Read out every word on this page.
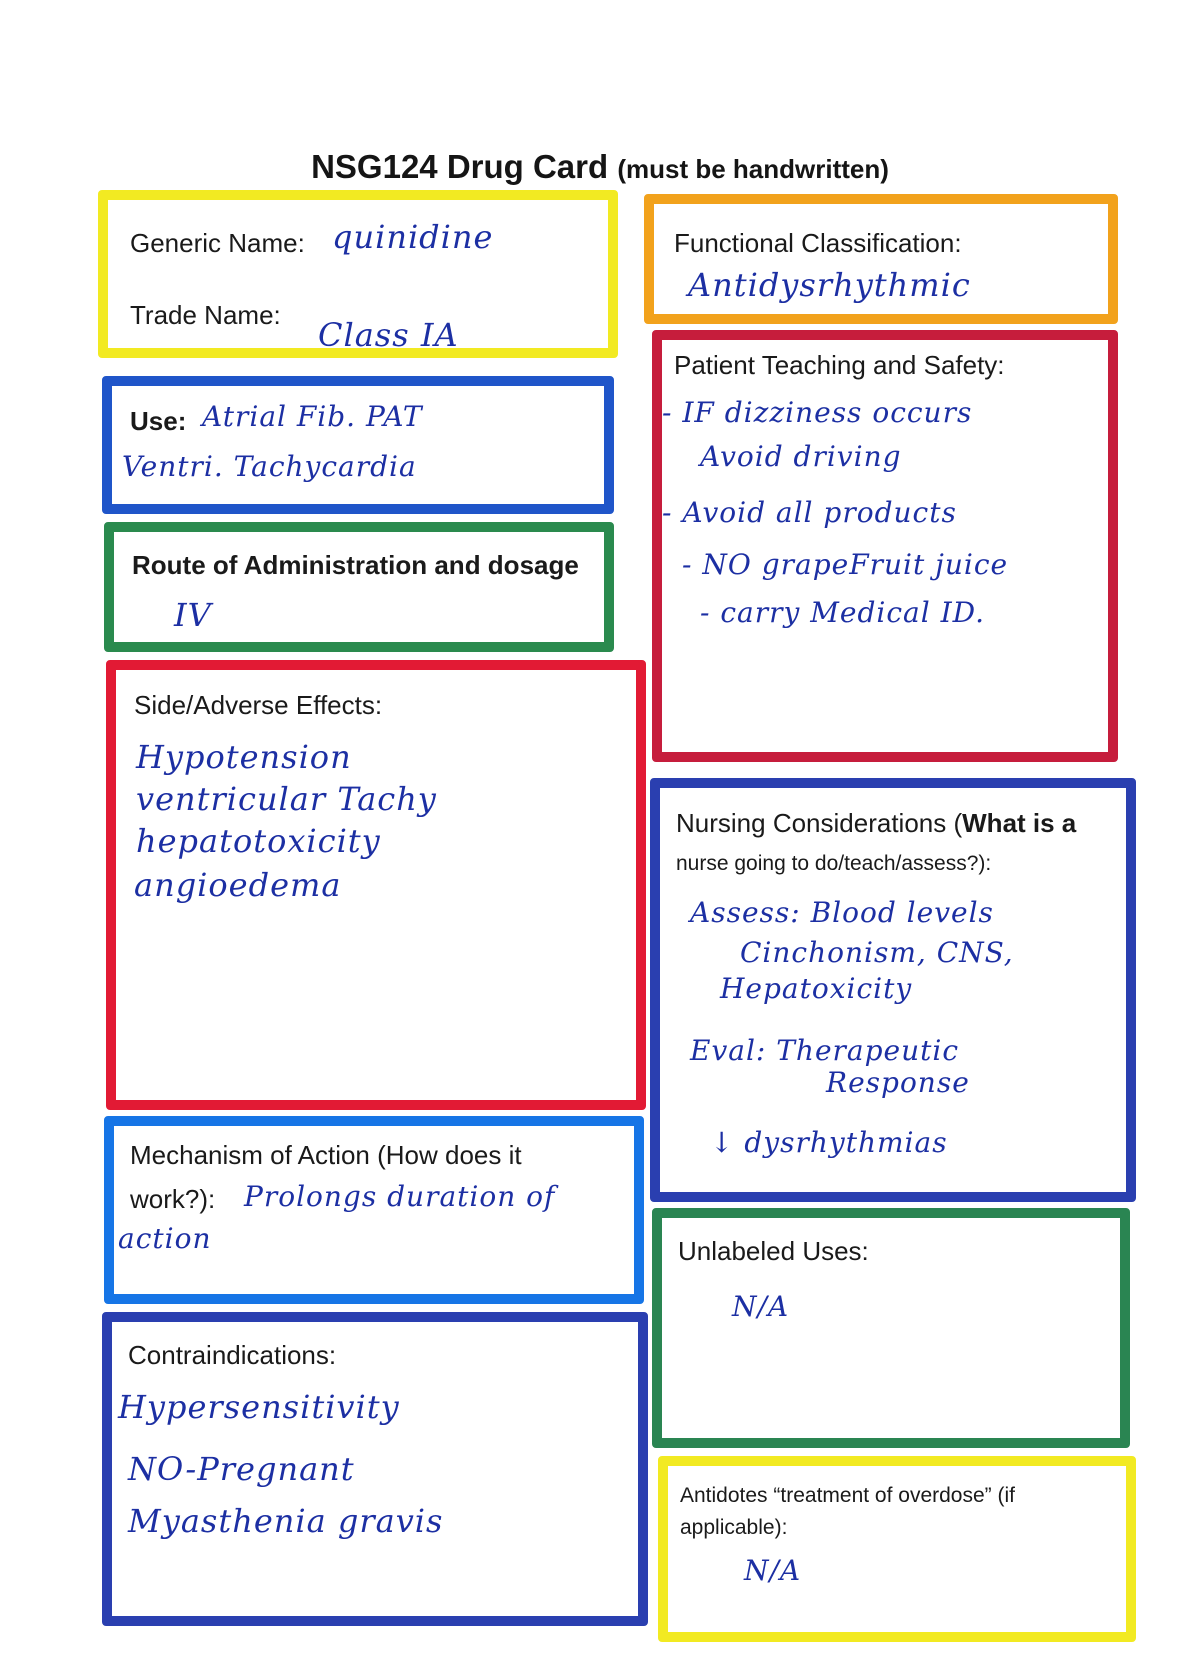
NSG124 Drug Card (must be handwritten)
Generic Name: quinidine
Trade Name:
Class IA
Functional Classification:
Antidysrhythmic
Use: Atrial Fib. PAT
Ventri. Tachycardia
Patient Teaching and Safety:
- IF dizziness occurs
Avoid driving
- Avoid all products
- NO grapeFruit juice
- carry Medical ID.
Route of Administration and dosage
IV
Side/Adverse Effects:
Hypotension
ventricular Tachy
hepatotoxicity
angioedema
Nursing Considerations (What is a
nurse going to do/teach/assess?):
Assess: Blood levels
Cinchonism, CNS,
Hepatoxicity
Eval: Therapeutic
Response
↓ dysrhythmias
Mechanism of Action (How does it
work?): Prolongs duration of
action	Unlabeled Uses:
N/A
Contraindications:
Hypersensitivity
NO-Pregnant
Myasthenia gravis
Antidotes “treatment of overdose” (if
applicable):
N/A
